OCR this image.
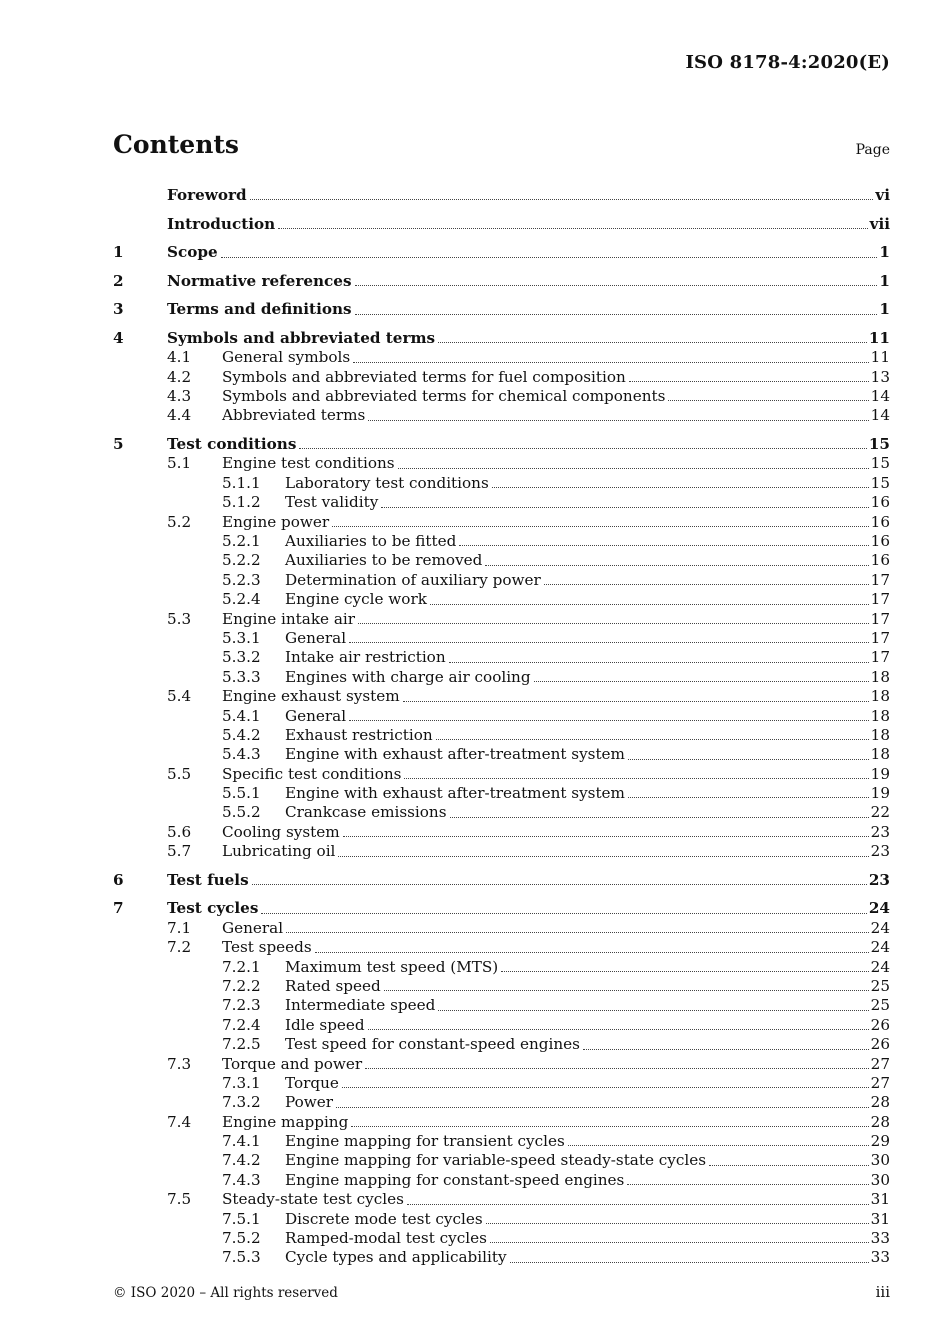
ISO 8178-4:2020(E)
Contents	Page
Foreword	vi
Introduction	vii
1	Scope	1
2	Normative references	1
3	Terms and definitions	1
4	Symbols and abbreviated terms	11
4.1	General symbols	11
4.2	Symbols and abbreviated terms for fuel composition	13
4.3	Symbols and abbreviated terms for chemical components	14
4.4	Abbreviated terms	14
5	Test conditions	15
5.1	Engine test conditions	15
5.1.1	Laboratory test conditions	15
5.1.2	Test validity	16
5.2	Engine power	16
5.2.1	Auxiliaries to be fitted	16
5.2.2	Auxiliaries to be removed	16
5.2.3	Determination of auxiliary power	17
5.2.4	Engine cycle work	17
5.3	Engine intake air	17
5.3.1	General	17
5.3.2	Intake air restriction	17
5.3.3	Engines with charge air cooling	18
5.4	Engine exhaust system	18
5.4.1	General	18
5.4.2	Exhaust restriction	18
5.4.3	Engine with exhaust after-treatment system	18
5.5	Specific test conditions	19
5.5.1	Engine with exhaust after-treatment system	19
5.5.2	Crankcase emissions	22
5.6	Cooling system	23
5.7	Lubricating oil	23
6	Test fuels	23
7	Test cycles	24
7.1	General	24
7.2	Test speeds	24
7.2.1	Maximum test speed (MTS)	24
7.2.2	Rated speed	25
7.2.3	Intermediate speed	25
7.2.4	Idle speed	26
7.2.5	Test speed for constant-speed engines	26
7.3	Torque and power	27
7.3.1	Torque	27
7.3.2	Power	28
7.4	Engine mapping	28
7.4.1	Engine mapping for transient cycles	29
7.4.2	Engine mapping for variable-speed steady-state cycles	30
7.4.3	Engine mapping for constant-speed engines	30
7.5	Steady-state test cycles	31
7.5.1	Discrete mode test cycles	31
7.5.2	Ramped-modal test cycles	33
7.5.3	Cycle types and applicability	33
© ISO 2020 – All rights reserved	iii
